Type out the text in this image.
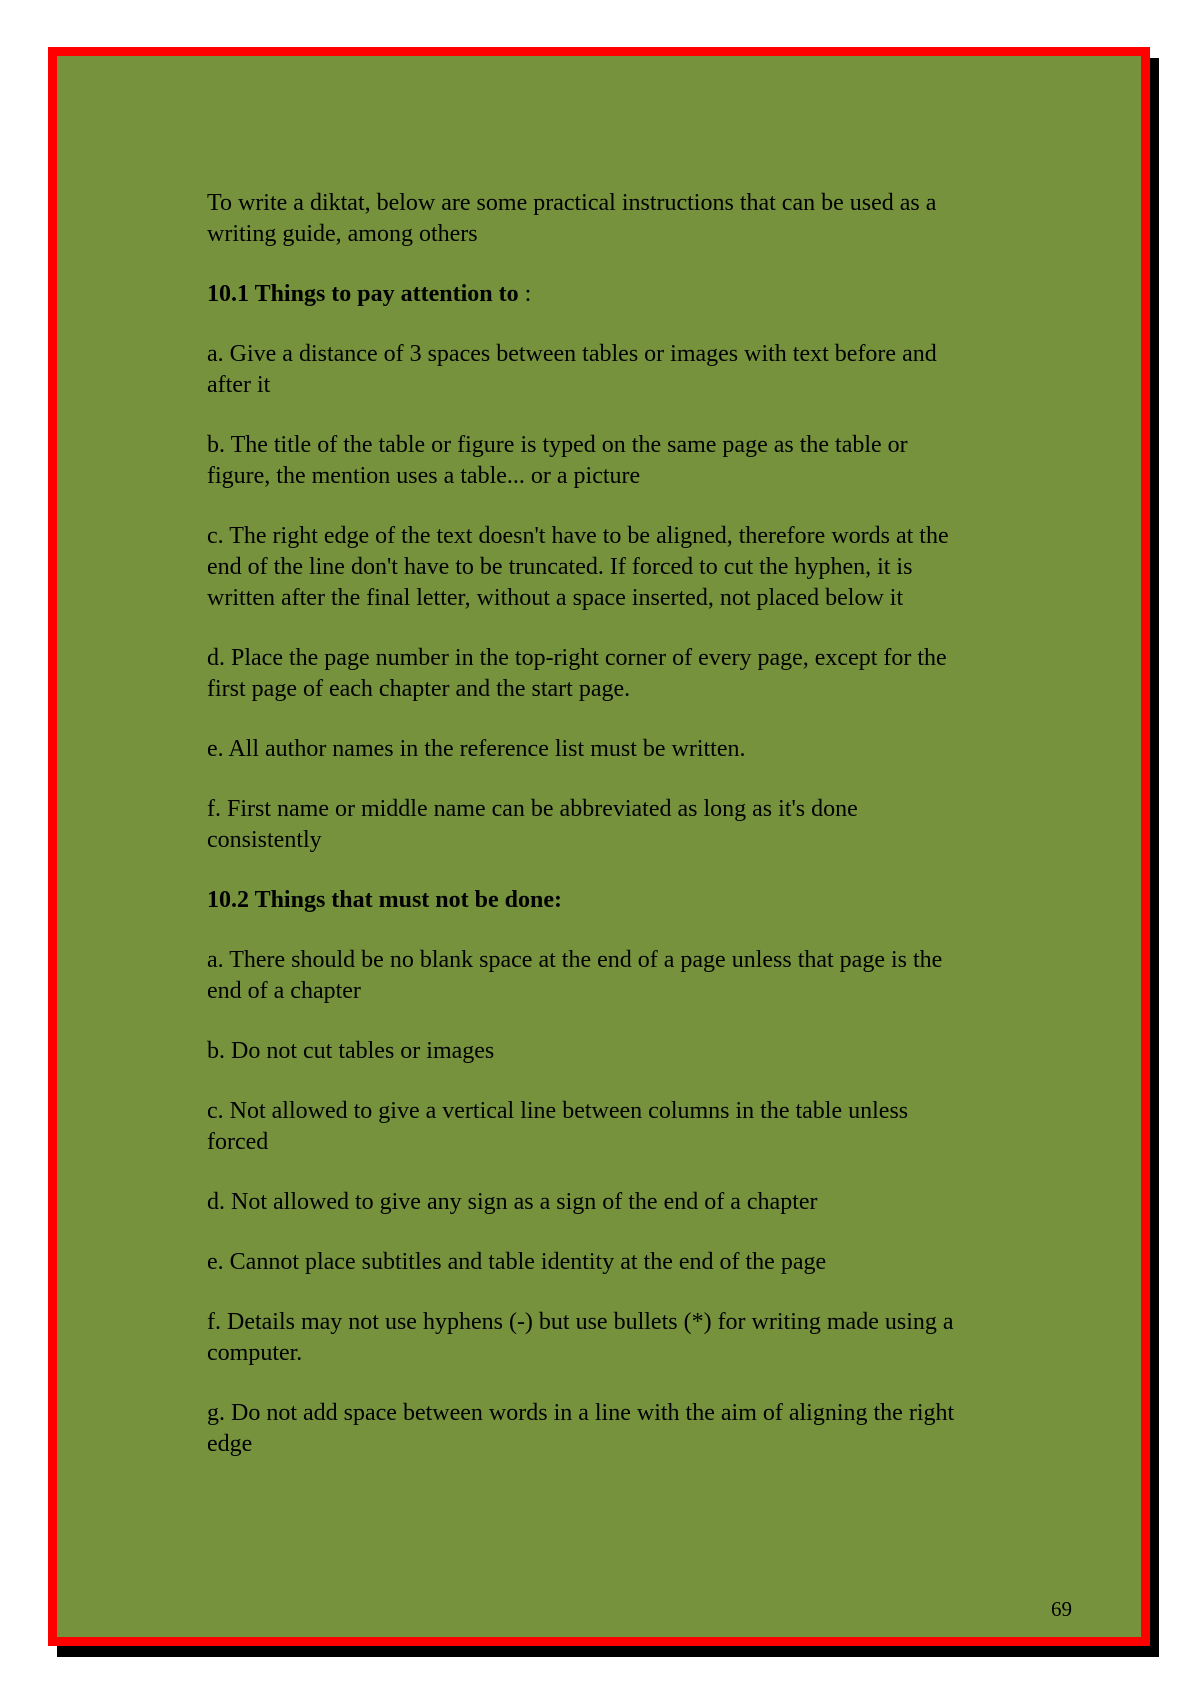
To write a diktat, below are some practical instructions that can be used as a
writing guide, among others
10.1 Things to pay attention to :
a. Give a distance of 3 spaces between tables or images with text before and
after it
b. The title of the table or figure is typed on the same page as the table or
figure, the mention uses a table... or a picture
c. The right edge of the text doesn't have to be aligned, therefore words at the
end of the line don't have to be truncated. If forced to cut the hyphen, it is
written after the final letter, without a space inserted, not placed below it
d. Place the page number in the top-right corner of every page, except for the
first page of each chapter and the start page.
e. All author names in the reference list must be written.
f. First name or middle name can be abbreviated as long as it's done
consistently
10.2 Things that must not be done:
a. There should be no blank space at the end of a page unless that page is the
end of a chapter
b. Do not cut tables or images
c. Not allowed to give a vertical line between columns in the table unless
forced
d. Not allowed to give any sign as a sign of the end of a chapter
e. Cannot place subtitles and table identity at the end of the page
f. Details may not use hyphens (-) but use bullets (*) for writing made using a
computer.
g. Do not add space between words in a line with the aim of aligning the right
edge
69
